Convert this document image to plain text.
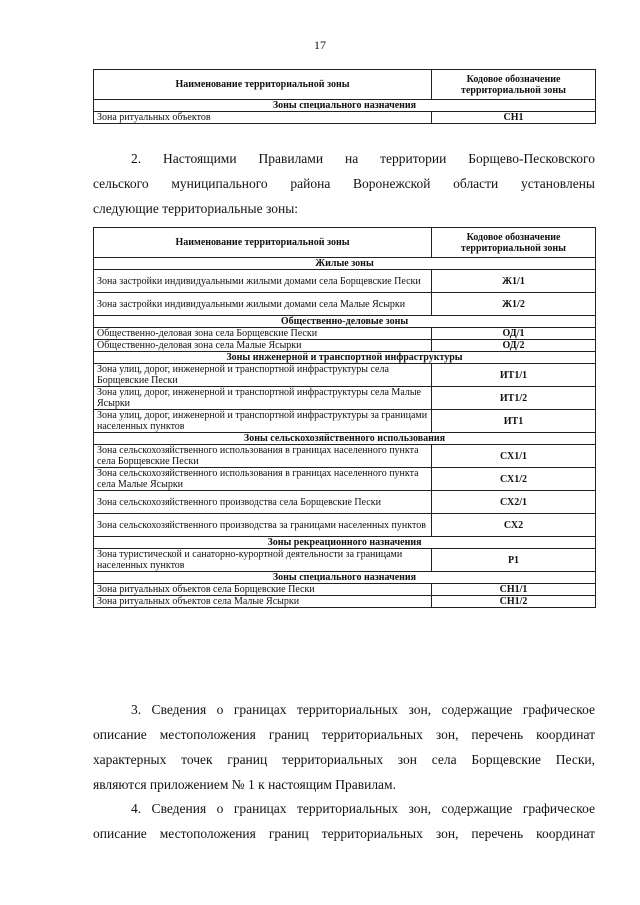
17
Наименование территориальной зоны	Кодовое обозначение территориальной зоны
Зоны специального назначения	
Зона ритуальных объектов	СН1
2. Настоящими Правилами на территории Борщево-Песковского
сельского муниципального района Воронежской области установлены
следующие территориальные зоны:
Наименование территориальной зоны	Кодовое обозначение территориальной зоны
Жилые зоны	
Зона застройки индивидуальными жилыми домами села Борщевские Пески	Ж1/1
Зона застройки индивидуальными жилыми домами села Малые Ясырки	Ж1/2
Общественно-деловые зоны	
Общественно-деловая зона села Борщевские Пески	ОД/1
Общественно-деловая зона села Малые Ясырки	ОД/2
Зоны инженерной и транспортной инфраструктуры	
Зона улиц, дорог, инженерной и транспортной инфраструктуры села Борщевские Пески	ИТ1/1
Зона улиц, дорог, инженерной и транспортной инфраструктуры села Малые Ясырки	ИТ1/2
Зона улиц, дорог, инженерной и транспортной инфраструктуры за границами населенных пунктов	ИТ1
Зоны сельскохозяйственного использования	
Зона сельскохозяйственного использования в границах населенного пункта села Борщевские Пески	СХ1/1
Зона сельскохозяйственного использования в границах населенного пункта села Малые Ясырки	СХ1/2
Зона сельскохозяйственного производства села Борщевские Пески	СХ2/1
Зона сельскохозяйственного производства за границами населенных пунктов	СХ2
Зоны рекреационного назначения	
Зона туристической и санаторно-курортной деятельности за границами населенных пунктов	Р1
Зоны специального назначения	
Зона ритуальных объектов села Борщевские Пески	СН1/1
Зона ритуальных объектов села Малые Ясырки	СН1/2
3. Сведения о границах территориальных зон, содержащие графическое
описание местоположения границ территориальных зон, перечень координат
характерных точек границ территориальных зон села Борщевские Пески,
являются приложением № 1 к настоящим Правилам.
4. Сведения о границах территориальных зон, содержащие графическое
описание местоположения границ территориальных зон, перечень координат
